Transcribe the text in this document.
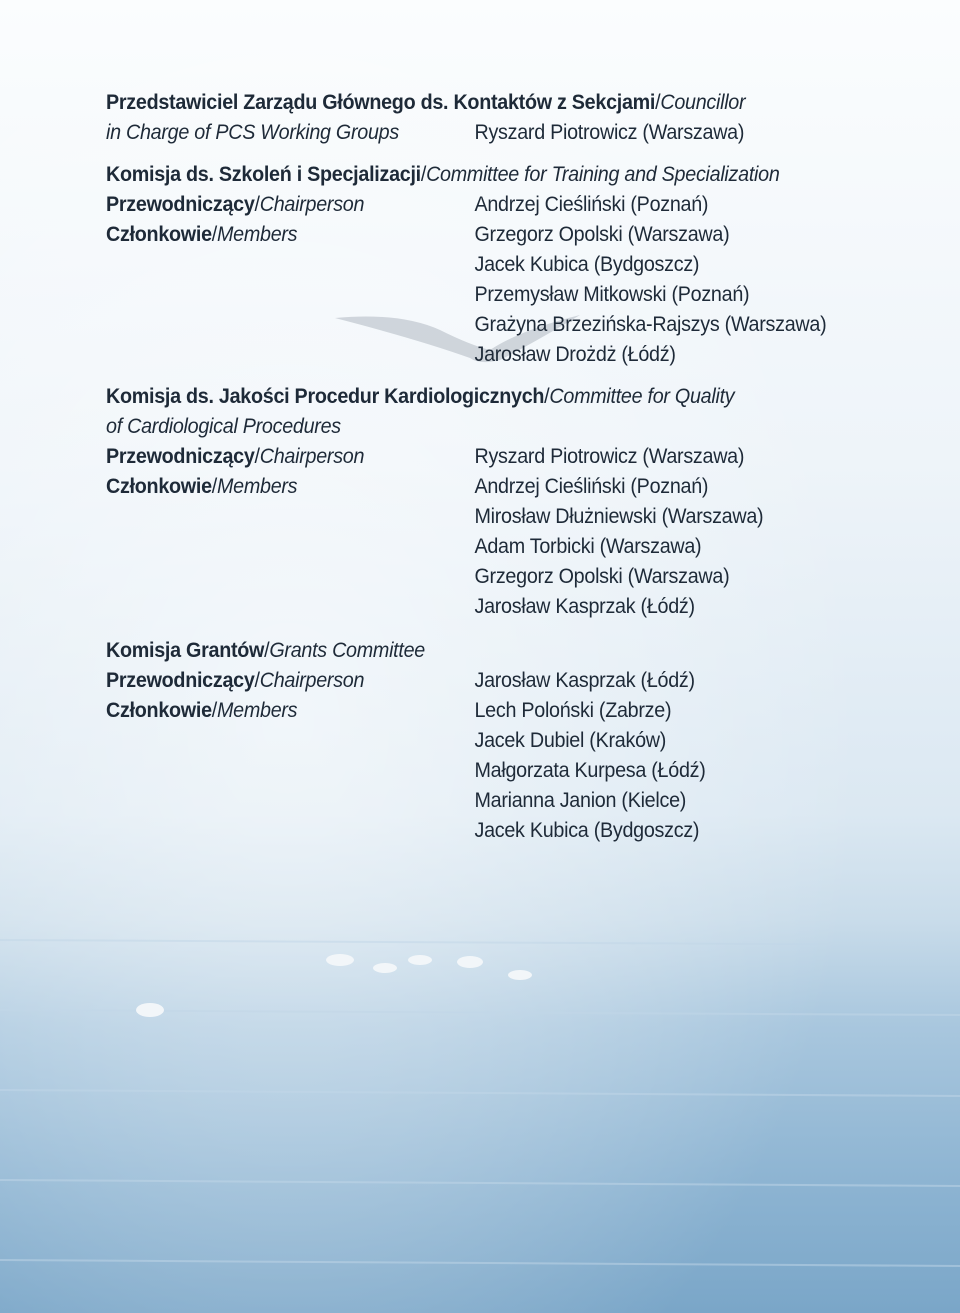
Przedstawiciel Zarządu Głównego ds. Kontaktów z Sekcjami/Councillor
in Charge of PCS Working Groups	Ryszard Piotrowicz (Warszawa)
Komisja ds. Szkoleń i Specjalizacji/Committee for Training and Specialization
Przewodniczący/Chairperson	Andrzej Cieśliński (Poznań)
Członkowie/Members	Grzegorz Opolski (Warszawa)
Jacek Kubica (Bydgoszcz)
Przemysław Mitkowski (Poznań)
Grażyna Brzezińska-Rajszys (Warszawa)
Jarosław Drożdż (Łódź)
Komisja ds. Jakości Procedur Kardiologicznych/Committee for Quality
of Cardiological Procedures
Przewodniczący/Chairperson	Ryszard Piotrowicz (Warszawa)
Członkowie/Members	Andrzej Cieśliński (Poznań)
Mirosław Dłużniewski (Warszawa)
Adam Torbicki (Warszawa)
Grzegorz Opolski (Warszawa)
Jarosław Kasprzak (Łódź)
Komisja Grantów/Grants Committee
Przewodniczący/Chairperson	Jarosław Kasprzak (Łódź)
Członkowie/Members	Lech Poloński (Zabrze)
Jacek Dubiel (Kraków)
Małgorzata Kurpesa (Łódź)
Marianna Janion (Kielce)
Jacek Kubica (Bydgoszcz)
